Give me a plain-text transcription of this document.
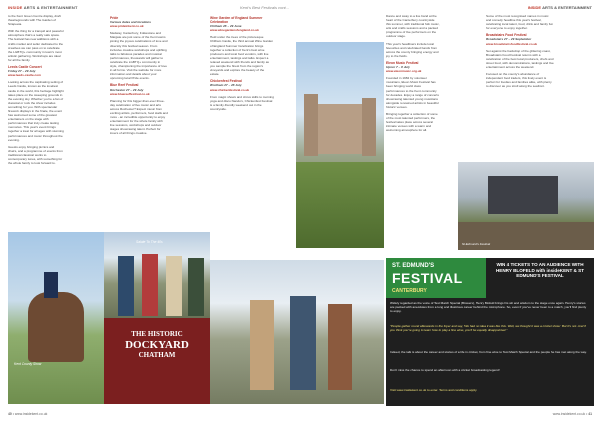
INSIDE ARTS & ENTERTAINMENT	Kent's Best Festivals cont...	INSIDE ARTS & ENTERTAINMENT

to the Kent Green Centre display, draft theatregrounds with The Garden of Sirapeeta.

With the thing for a tranquil and peaceful atmosphere that's a really safe space. The festival has new additions with a crafts market and seller dedicated to the creatives we can pass on to celebrate the LGBTQ+ community in town's most artistic gathering. Workshops are ideal for all the family.

Leeds Castle Concert
Friday 27 – 29 July
www.leeds-castle.com

Looking across the captivating setting of Leeds Castle, known as the loveliest castle in the world, this heritage highlight takes place on the sweeping grounds in the evening sky. Whether you're a fan of classical or rock the show includes something for you. With spectacular firework displays in the finale, the event has welcomed some of the greatest entertainers on the stage with performances that truly create lasting memories. This year's event brings together a treat for all ages with stunning performances and music throughout the evening.

Guests enjoy bringing picnics and chairs, and a programme of events from traditional classical works to contemporary tunes, with something for the whole family to look forward to.

Pride
Various dates and locations
www.prideinkent.co.uk

Medway, Canterbury, Folkestone and Margate are just some of the Kent towns joining the joyous celebrations of love and diversity this festival season. From inclusive creative workshops and uplifting talks to fabulous parades and musical performances, thousands will gather to celebrate the LGBTQ+ community in style, championing the importance of love in all forms. Visit the website for more information and details about your upcoming local Pride events.

Blue Reef Festival
Rochester 27 – 29 July
www.bluereeffestival.co.uk

Planning for this bigger-than-ever three-day celebration of live music and arts across Rochester? Expect music from exciting artists, performers, food stalls and more - an incredible opportunity to enjoy entertainment for the whole family with live sessions, workshops and outdoor stages showcasing talent. Perfect for lovers of all things creative.

Wine Garden of England Summer Celebration
Chilham 28 – 29 June
www.winegardenofengland.co.uk

Held under the trees of the picturesque Chilham Castle, the third annual Wine Garden of England Summer Celebration brings together a collection of Kent's best wine producers and local food vendors, with live entertainment, tastings and talks. Expect a relaxed weekend with friends and family as you sample the finest from the region's vineyards and explore the beauty of the estate.

Chickenfest Festival
Wrotham 27 – 28 July
www.chickenfestival.co.uk

From magic shows and circus skills to morning yoga and disco Nando's, Chickenfest Festival is a family-friendly weekend out in the countryside.

Dance and sway to a live band at the heart of the Canterbury countryside this summer, with traditional folk music, arts and crafts sessions and a packed programme of live performers on the outdoor stage.

This year's headliners include local favourites and celebrated bands from across the county bringing energy and joy to the fields.

Eleon Music Festival
Upnor 7 – 8 July
www.eleonmusic.org.uk

Founded in 1982 by volunteer musicians, Eleon Music Festival has been bringing world class performances to the Kent community for decades. Enjoy a range of concerts showcasing talented young musicians alongside renowned artists in beautiful historic venues.

Bringing together a collection of some of the most talented performers, the festival takes place across several intimate venues with a warm and welcoming atmosphere for all.

Some of the most recognised names in music and comedy headline this year's festival, celebrating local talent, food, drink and family fun for everyone to enjoy together.

Broadstairs Food Festival
Broadstairs 27 – 29 September
www.broadstairsfoodfestival.co.uk

Set against the backdrop of the glittering coast, Broadstairs Food Festival returns with a celebration of the best local producers, chefs and street food, with demonstrations, tastings and live entertainment across the weekend.

Focused on the county's abundance of independent food traders, this lively event is perfect for foodies and families alike, with plenty to discover as you stroll along the seafront.

St Edmund's Festival
Kent County Show
Salute To The 40s
THE HISTORIC
DOCKYARD
CHATHAM
ST. EDMUND'S
FESTIVAL
CANTERBURY
WIN 4 TICKETS TO AN AUDIENCE WITH HENRY BLOFELD with insideKENT & ST EDMUND'S FESTIVAL
Widely regarded as the voice of Test Match Special (Blowers), Henry Blofeld brings his wit and wisdom to the stage once again. Henry's stories are packed with anecdotes from a long and illustrious career behind the microphone. So, even if you've never been to a match, you'll find plenty to enjoy.
"People gather round afterwards in the foyer and say, 'We had no idea it was like this. Well, we thought it was a cricket show.' But it's not. And if you think you're going to learn how to play a fine wine, you'll be equally disappointed."
Indeed, the talk is about the career and stories of a life in cricket, from fine wine to Test Match Special and the people he has met along the way.
Don't miss the chance to spend an afternoon with a cricket broadcasting legend!
Visit www.insidekent.co.uk to enter. Terms and conditions apply.
40 • www.insidekent.co.uk	www.insidekent.co.uk • 41
